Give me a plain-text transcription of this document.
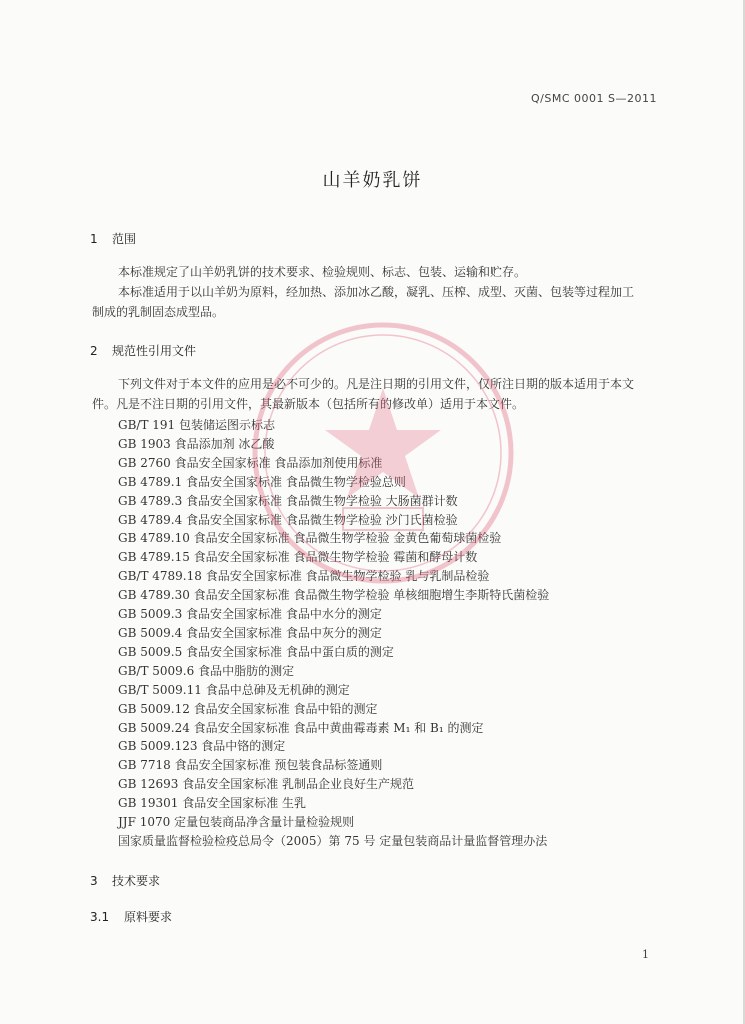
Q/SMC 0001 S—2011
山羊奶乳饼
1 范围
本标准规定了山羊奶乳饼的技术要求、检验规则、标志、包装、运输和贮存。
本标准适用于以山羊奶为原料，经加热、添加冰乙酸，凝乳、压榨、成型、灭菌、包装等过程加工
制成的乳制固态成型品。
2 规范性引用文件
下列文件对于本文件的应用是必不可少的。凡是注日期的引用文件，仅所注日期的版本适用于本文
件。凡是不注日期的引用文件，其最新版本（包括所有的修改单）适用于本文件。
GB/T 191 包装储运图示标志
GB 1903 食品添加剂 冰乙酸
GB 2760 食品安全国家标准 食品添加剂使用标准
GB 4789.1 食品安全国家标准 食品微生物学检验总则
GB 4789.3 食品安全国家标准 食品微生物学检验 大肠菌群计数
GB 4789.4 食品安全国家标准 食品微生物学检验 沙门氏菌检验
GB 4789.10 食品安全国家标准 食品微生物学检验 金黄色葡萄球菌检验
GB 4789.15 食品安全国家标准 食品微生物学检验 霉菌和酵母计数
GB/T 4789.18 食品安全国家标准 食品微生物学检验 乳与乳制品检验
GB 4789.30 食品安全国家标准 食品微生物学检验 单核细胞增生李斯特氏菌检验
GB 5009.3 食品安全国家标准 食品中水分的测定
GB 5009.4 食品安全国家标准 食品中灰分的测定
GB 5009.5 食品安全国家标准 食品中蛋白质的测定
GB/T 5009.6 食品中脂肪的测定
GB/T 5009.11 食品中总砷及无机砷的测定
GB 5009.12 食品安全国家标准 食品中铅的测定
GB 5009.24 食品安全国家标准 食品中黄曲霉毒素 M₁ 和 B₁ 的测定
GB 5009.123 食品中铬的测定
GB 7718 食品安全国家标准 预包装食品标签通则
GB 12693 食品安全国家标准 乳制品企业良好生产规范
GB 19301 食品安全国家标准 生乳
JJF 1070 定量包装商品净含量计量检验规则
国家质量监督检验检疫总局令（2005）第 75 号 定量包装商品计量监督管理办法
3 技术要求
3.1 原料要求
1
